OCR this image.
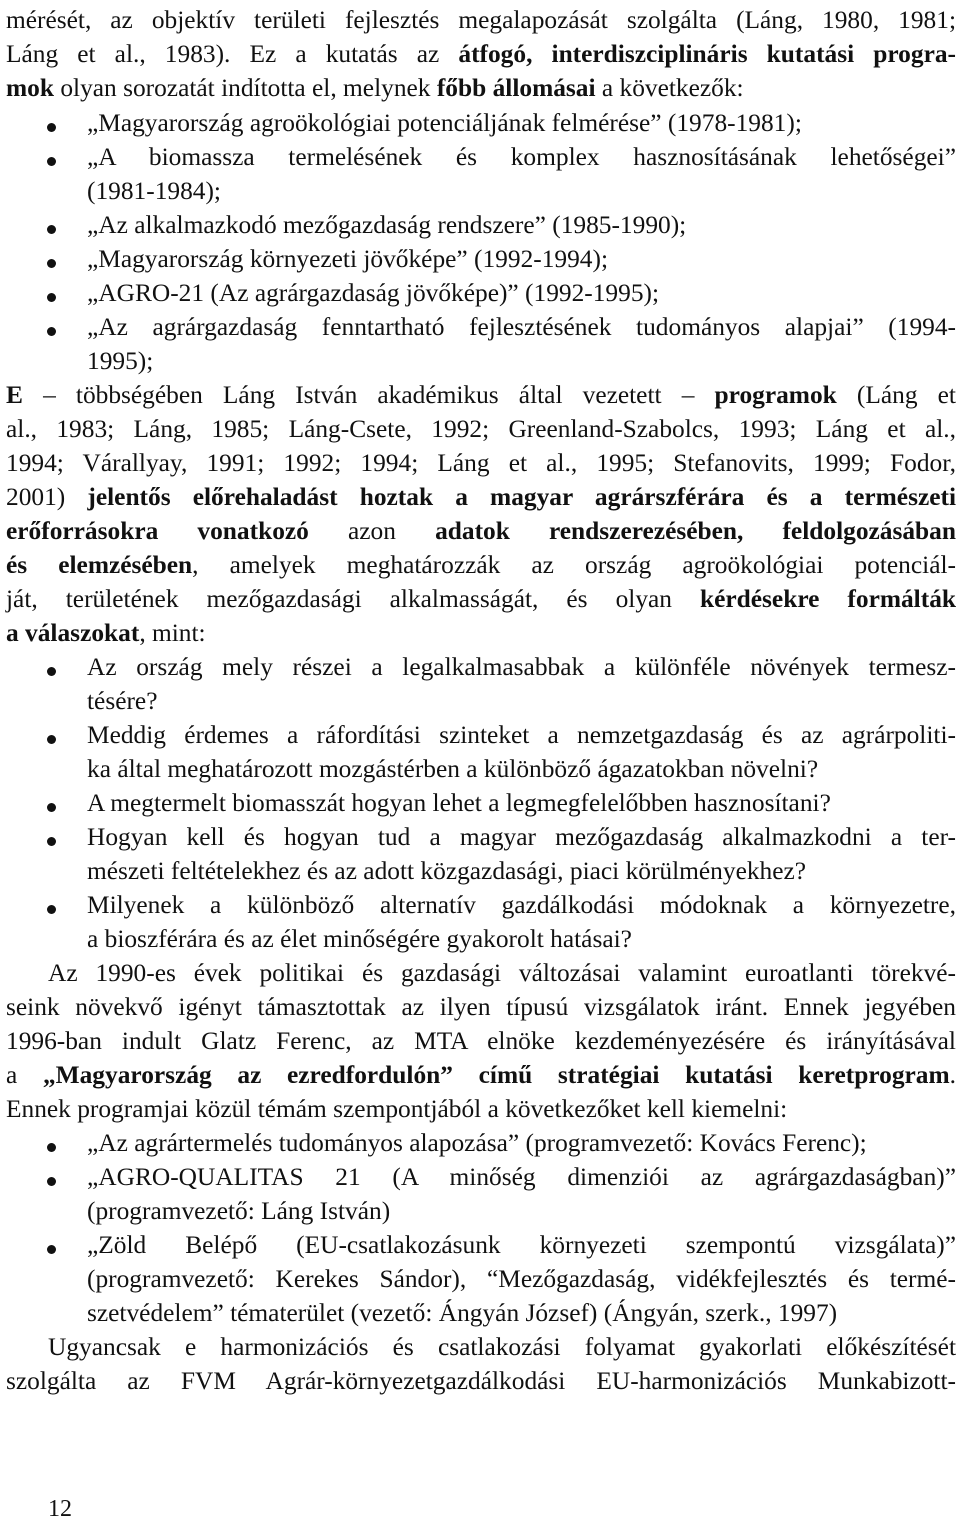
mérését, az objektív területi fejlesztés megalapozását szolgálta (Láng, 1980, 1981;
Láng et al., 1983). Ez a kutatás az átfogó, interdiszciplináris kutatási progra-
mok olyan sorozatát indította el, melynek főbb állomásai a következők:
„Magyarország agroökológiai potenciáljának felmérése” (1978-1981);
„A biomassza termelésének és komplex hasznosításának lehetőségei”
(1981-1984);
„Az alkalmazkodó mezőgazdaság rendszere” (1985-1990);
„Magyarország környezeti jövőképe” (1992-1994);
„AGRO-21 (Az agrárgazdaság jövőképe)” (1992-1995);
„Az agrárgazdaság fenntartható fejlesztésének tudományos alapjai” (1994-
1995);
E – többségében Láng István akadémikus által vezetett – programok (Láng et
al., 1983; Láng, 1985; Láng-Csete, 1992; Greenland-Szabolcs, 1993; Láng et al.,
1994; Várallyay, 1991; 1992; 1994; Láng et al., 1995; Stefanovits, 1999; Fodor,
2001) jelentős előrehaladást hoztak a magyar agrárszférára és a természeti
erőforrásokra vonatkozó azon adatok rendszerezésében, feldolgozásában
és elemzésében, amelyek meghatározzák az ország agroökológiai potenciál-
ját, területének mezőgazdasági alkalmasságát, és olyan kérdésekre formálták
a válaszokat, mint:
Az ország mely részei a legalkalmasabbak a különféle növények termesz-
tésére?
Meddig érdemes a ráfordítási szinteket a nemzetgazdaság és az agrárpoliti-
ka által meghatározott mozgástérben a különböző ágazatokban növelni?
A megtermelt biomasszát hogyan lehet a legmegfelelőbben hasznosítani?
Hogyan kell és hogyan tud a magyar mezőgazdaság alkalmazkodni a ter-
mészeti feltételekhez és az adott közgazdasági, piaci körülményekhez?
Milyenek a különböző alternatív gazdálkodási módoknak a környezetre,
a bioszférára és az élet minőségére gyakorolt hatásai?
Az 1990-es évek politikai és gazdasági változásai valamint euroatlanti törekvé-
seink növekvő igényt támasztottak az ilyen típusú vizsgálatok iránt. Ennek jegyében
1996-ban indult Glatz Ferenc, az MTA elnöke kezdeményezésére és irányításával
a „Magyarország az ezredfordulón” című stratégiai kutatási keretprogram.
Ennek programjai közül témám szempontjából a következőket kell kiemelni:
„Az agrártermelés tudományos alapozása” (programvezető: Kovács Ferenc);
„AGRO-QUALITAS 21 (A minőség dimenziói az agrárgazdaságban)”
(programvezető: Láng István)
„Zöld Belépő (EU-csatlakozásunk környezeti szempontú vizsgálata)”
(programvezető: Kerekes Sándor), “Mezőgazdaság, vidékfejlesztés és termé-
szetvédelem” tématerület (vezető: Ángyán József) (Ángyán, szerk., 1997)
Ugyancsak e harmonizációs és csatlakozási folyamat gyakorlati előkészítését
szolgálta az FVM Agrár-környezetgazdálkodási EU-harmonizációs Munkabizott-
12
